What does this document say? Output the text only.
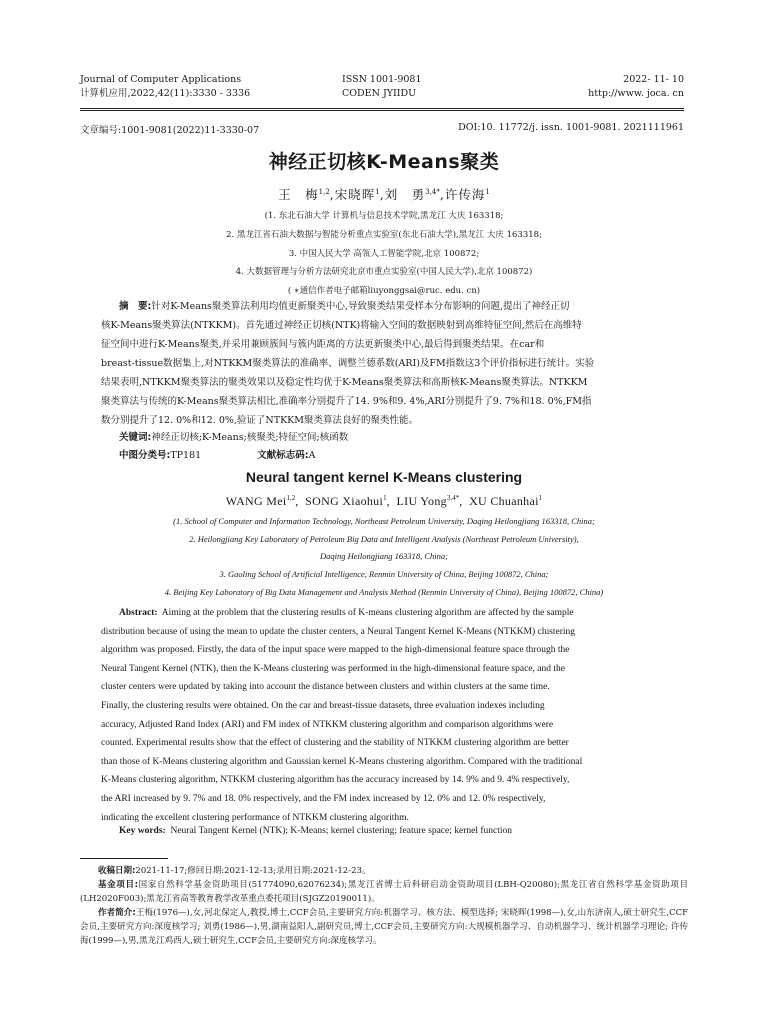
Journal of Computer Applications
计算机应用,2022,42(11):3330 - 3336
ISSN 1001-9081
CODEN JYIIDU
2022- 11- 10
http://www. joca. cn
文章编号:1001-9081(2022)11-3330-07	DOI:10. 11772/j. issn. 1001-9081. 2021111961
神经正切核K-Means聚类
王　梅$^{1,2}$,宋晓晖$^1$,刘　勇$^{3,4*}$,许传海$^1$
(1. 东北石油大学 计算机与信息技术学院,黑龙江 大庆 163318;
2. 黑龙江省石油大数据与智能分析重点实验室(东北石油大学),黑龙江 大庆 163318;
3. 中国人民大学 高瓴人工智能学院,北京 100872;
4. 大数据管理与分析方法研究北京市重点实验室(中国人民大学),北京 100872)
( ∗通信作者电子邮箱liuyonggsai@ruc. edu. cn)
摘　要:针对K-Means聚类算法利用均值更新聚类中心,导致聚类结果受样本分布影响的问题,提出了神经正切
核K-Means聚类算法(NTKKM)。首先通过神经正切核(NTK)将输入空间的数据映射到高维特征空间,然后在高维特
征空间中进行K-Means聚类,并采用兼顾簇间与簇内距离的方法更新聚类中心,最后得到聚类结果。在car和
breast-tissue数据集上,对NTKKM聚类算法的准确率、调整兰德系数(ARI)及FM指数这3个评价指标进行统计。实验
结果表明,NTKKM聚类算法的聚类效果以及稳定性均优于K-Means聚类算法和高斯核K-Means聚类算法。NTKKM
聚类算法与传统的K-Means聚类算法相比,准确率分别提升了14. 9%和9. 4%,ARI分别提升了9. 7%和18. 0%,FM指
数分别提升了12. 0%和12. 0%,验证了NTKKM聚类算法良好的聚类性能。
关键词:神经正切核;K-Means;核聚类;特征空间;核函数
中图分类号:TP181	文献标志码:A
Neural tangent kernel K-Means clustering
WANG Mei$^{1,2}$,  SONG Xiaohui$^1$,  LIU Yong$^{3,4*}$,  XU Chuanhai$^1$
(1. School of Computer and Information Technology, Northeast Petroleum University, Daqing Heilongjiang 163318, China;
2. Heilongjiang Key Laboratory of Petroleum Big Data and Intelligent Analysis (Northeast Petroleum University),
Daqing Heilongjiang 163318, China;
3. Gaoling School of Artificial Intelligence, Renmin University of China, Beijing 100872, China;
4. Beijing Key Laboratory of Big Data Management and Analysis Method (Renmin University of China), Beijing 100872, China)
Abstract: Aiming at the problem that the clustering results of K-means clustering algorithm are affected by the sample
distribution because of using the mean to update the cluster centers, a Neural Tangent Kernel K-Means (NTKKM) clustering
algorithm was proposed. Firstly, the data of the input space were mapped to the high-dimensional feature space through the
Neural Tangent Kernel (NTK), then the K-Means clustering was performed in the high-dimensional feature space, and the
cluster centers were updated by taking into account the distance between clusters and within clusters at the same time.
Finally, the clustering results were obtained. On the car and breast-tissue datasets, three evaluation indexes including
accuracy, Adjusted Rand Index (ARI) and FM index of NTKKM clustering algorithm and comparison algorithms were
counted. Experimental results show that the effect of clustering and the stability of NTKKM clustering algorithm are better
than those of K-Means clustering algorithm and Gaussian kernel K-Means clustering algorithm. Compared with the traditional
K-Means clustering algorithm, NTKKM clustering algorithm has the accuracy increased by 14. 9% and 9. 4% respectively,
the ARI increased by 9. 7% and 18. 0% respectively, and the FM index increased by 12. 0% and 12. 0% respectively,
indicating the excellent clustering performance of NTKKM clustering algorithm.
Key words: Neural Tangent Kernel (NTK); K-Means; kernel clustering; feature space; kernel function
收稿日期:2021-11-17;修回日期:2021-12-13;录用日期:2021-12-23。
基金项目:国家自然科学基金资助项目(51774090,62076234);黑龙江省博士后科研启动金资助项目(LBH-Q20080);黑龙江省自然科学基金资助项目(LH2020F003);黑龙江省高等教育教学改革重点委托项目(SJGZ20190011)。
作者简介:王梅(1976—),女,河北保定人,教授,博士,CCF会员,主要研究方向:机器学习、核方法、模型选择; 宋晓晖(1998—),女,山东济南人,硕士研究生,CCF会员,主要研究方向:深度核学习; 刘勇(1986—),男,湖南益阳人,副研究员,博士,CCF会员,主要研究方向:大规模机器学习、自动机器学习、统计机器学习理论; 许传海(1999—),男,黑龙江鸡西人,硕士研究生,CCF会员,主要研究方向:深度核学习。
